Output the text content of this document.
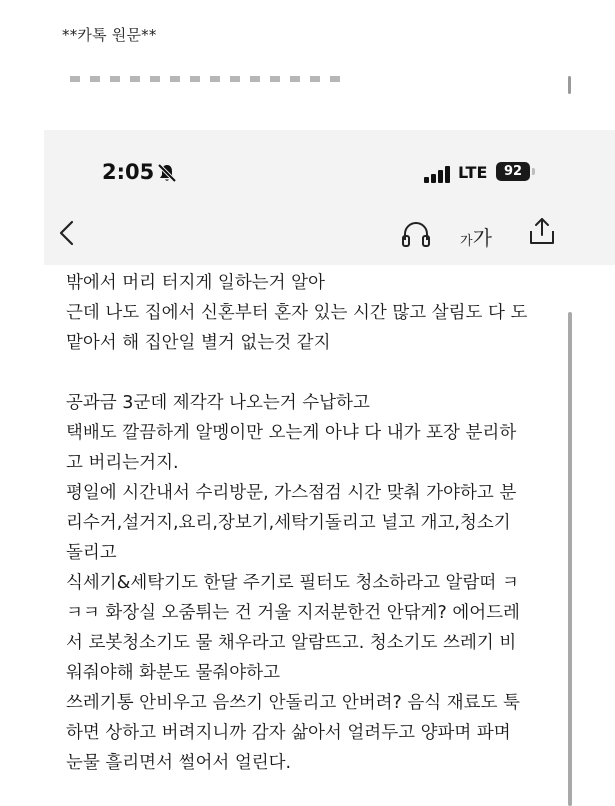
**카톡 원문**
2:05	LTE 92
가가

밖에서 머리 터지게 일하는거 알아

근데 나도 집에서 신혼부터 혼자 있는 시간 많고 살림도 다 도

맡아서 해 집안일 별거 없는것 같지

공과금 3군데 제각각 나오는거 수납하고

택배도 깔끔하게 알멩이만 오는게 아냐 다 내가 포장 분리하

고 버리는거지.

평일에 시간내서 수리방문, 가스점검 시간 맞춰 가야하고 분

리수거,설거지,요리,장보기,세탁기돌리고 널고 개고,청소기

돌리고

식세기&세탁기도 한달 주기로 필터도 청소하라고 알람떠 ㅋ

ㅋㅋ 화장실 오줌튀는 건 거울 지저분한건 안닦게? 에어드레

서 로봇청소기도 물 채우라고 알람뜨고. 청소기도 쓰레기 비

워줘야해 화분도 물줘야하고

쓰레기통 안비우고 음쓰기 안돌리고 안버려? 음식 재료도 툭

하면 상하고 버려지니까 감자 삶아서 얼려두고 양파며 파며

눈물 흘리면서 썰어서 얼린다.
